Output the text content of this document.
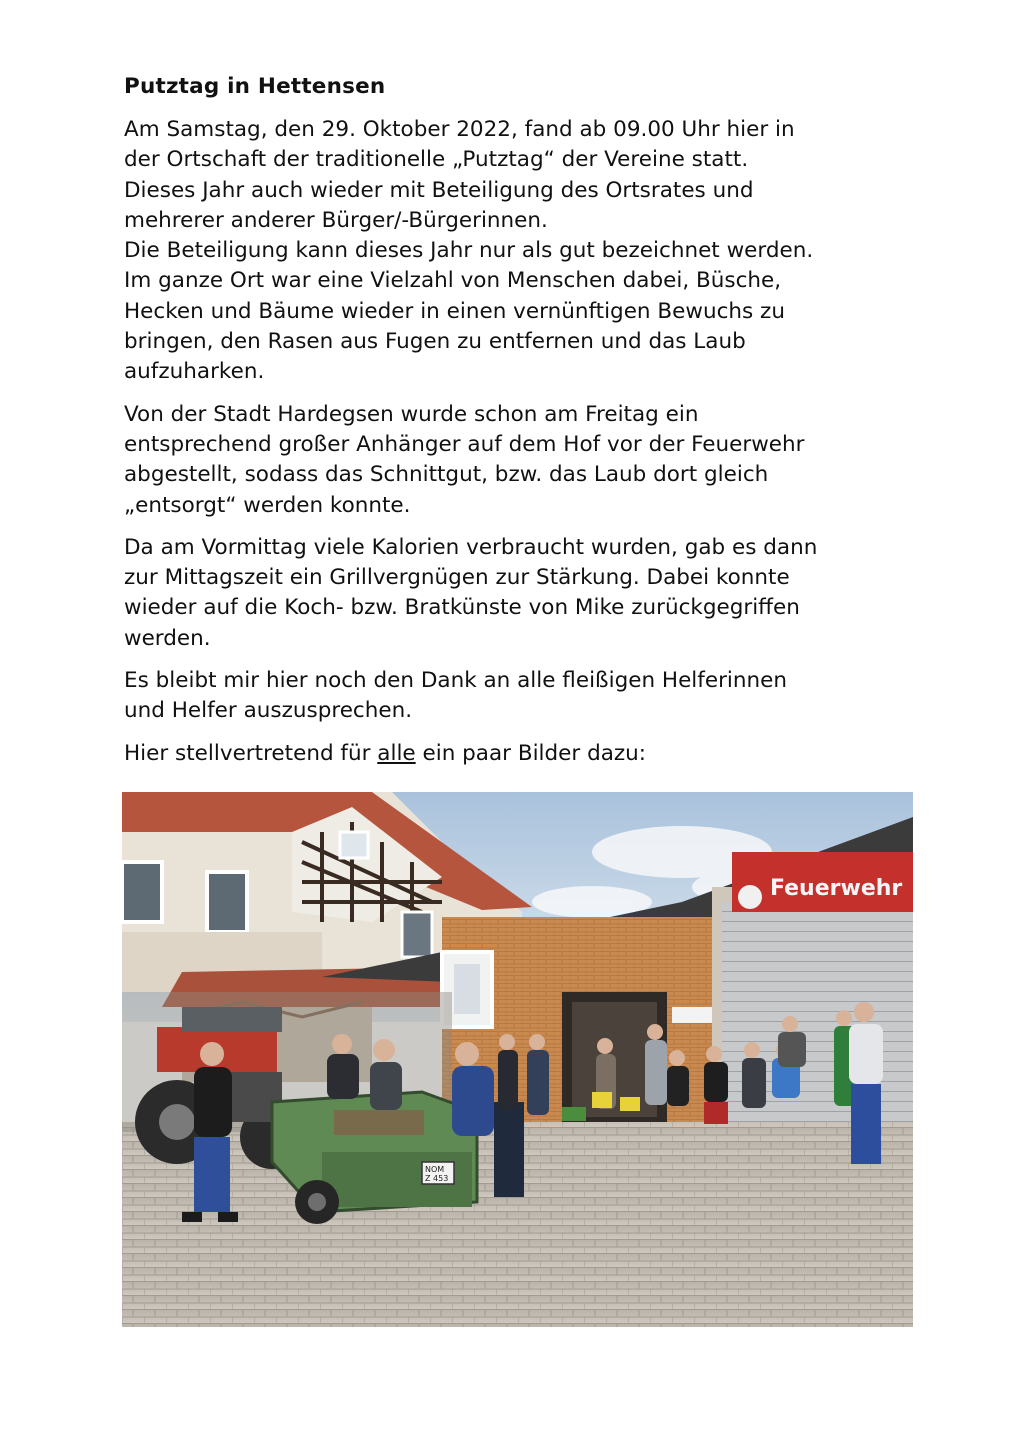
Putztag in Hettensen

Am Samstag, den 29. Oktober 2022, fand ab 09.00 Uhr hier in
der Ortschaft der traditionelle „Putztag“ der Vereine statt.
Dieses Jahr auch wieder mit Beteiligung des Ortsrates und
mehrerer anderer Bürger/-Bürgerinnen.
Die Beteiligung kann dieses Jahr nur als gut bezeichnet werden.
Im ganze Ort war eine Vielzahl von Menschen dabei, Büsche,
Hecken und Bäume wieder in einen vernünftigen Bewuchs zu
bringen, den Rasen aus Fugen zu entfernen und das Laub
aufzuharken.

Von der Stadt Hardegsen wurde schon am Freitag ein
entsprechend großer Anhänger auf dem Hof vor der Feuerwehr
abgestellt, sodass das Schnittgut, bzw. das Laub dort gleich
„entsorgt“ werden konnte.

Da am Vormittag viele Kalorien verbraucht wurden, gab es dann
zur Mittagszeit ein Grillvergnügen zur Stärkung. Dabei konnte
wieder auf die Koch- bzw. Bratkünste von Mike zurückgegriffen
werden.

Es bleibt mir hier noch den Dank an alle fleißigen Helferinnen
und Helfer auszusprechen.

Hier stellvertretend für alle ein paar Bilder dazu:

Feuerwehr
NOM
Z 453
